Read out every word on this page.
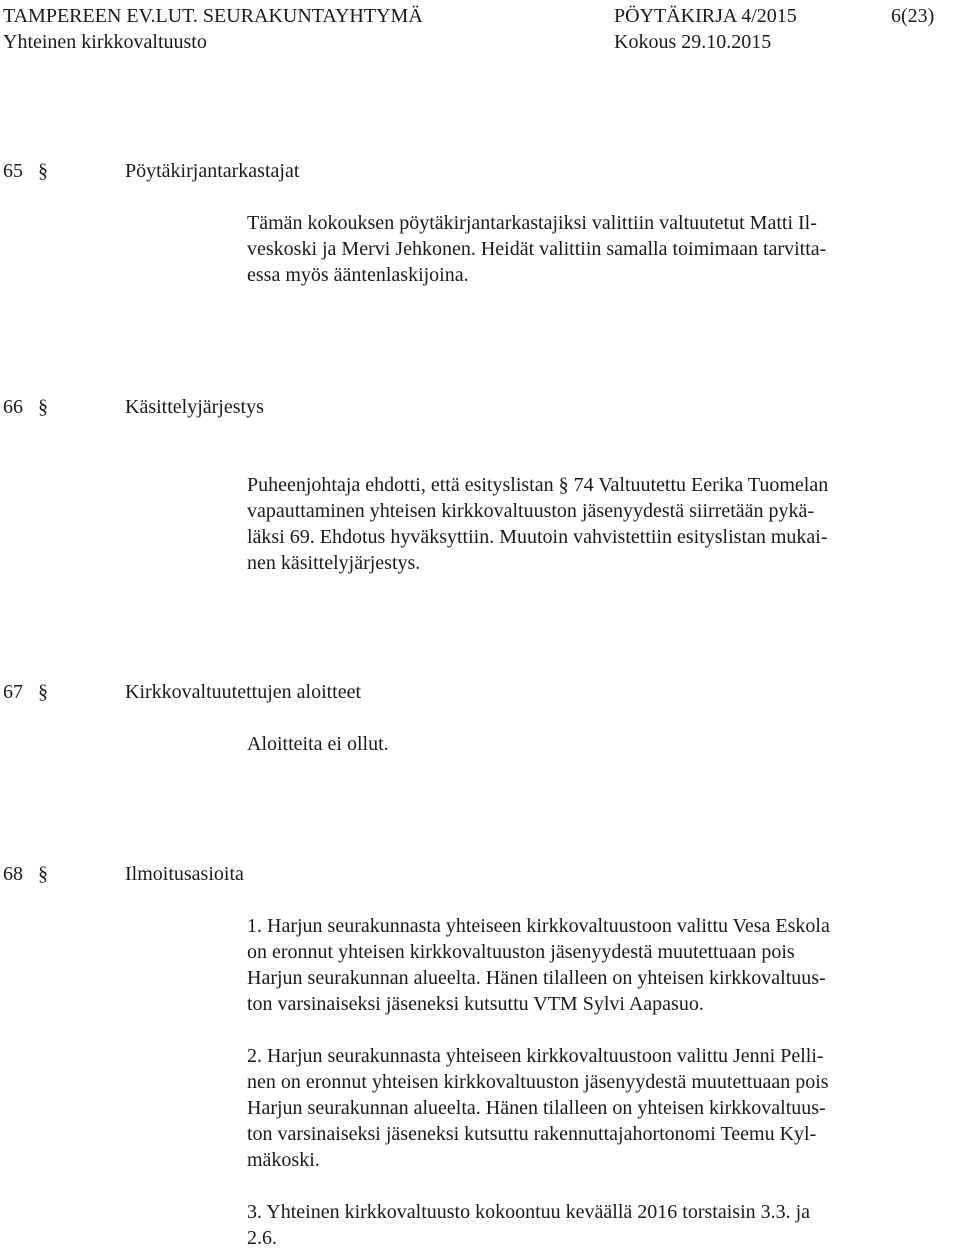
TAMPEREEN EV.LUT. SEURAKUNTAYHTYMÄ	PÖYTÄKIRJA 4/2015	6(23)
Yhteinen kirkkovaltuusto	Kokous 29.10.2015
65 §	Pöytäkirjantarkastajat

Tämän kokouksen pöytäkirjantarkastajiksi valittiin valtuutetut Matti Il-
veskoski ja Mervi Jehkonen. Heidät valittiin samalla toimimaan tarvitta-
essa myös ääntenlaskijoina.

66 §	Käsittelyjärjestys

Puheenjohtaja ehdotti, että esityslistan § 74 Valtuutettu Eerika Tuomelan
vapauttaminen yhteisen kirkkovaltuuston jäsenyydestä siirretään pykä-
läksi 69. Ehdotus hyväksyttiin. Muutoin vahvistettiin esityslistan mukai-
nen käsittelyjärjestys.

67 §	Kirkkovaltuutettujen aloitteet

Aloitteita ei ollut.

68 §	Ilmoitusasioita

1. Harjun seurakunnasta yhteiseen kirkkovaltuustoon valittu Vesa Eskola
on eronnut yhteisen kirkkovaltuuston jäsenyydestä muutettuaan pois
Harjun seurakunnan alueelta. Hänen tilalleen on yhteisen kirkkovaltuus-
ton varsinaiseksi jäseneksi kutsuttu VTM Sylvi Aapasuo.

2. Harjun seurakunnasta yhteiseen kirkkovaltuustoon valittu Jenni Pelli-
nen on eronnut yhteisen kirkkovaltuuston jäsenyydestä muutettuaan pois
Harjun seurakunnan alueelta. Hänen tilalleen on yhteisen kirkkovaltuus-
ton varsinaiseksi jäseneksi kutsuttu rakennuttajahortonomi Teemu Kyl-
mäkoski.

3. Yhteinen kirkkovaltuusto kokoontuu keväällä 2016 torstaisin 3.3. ja
2.6.
